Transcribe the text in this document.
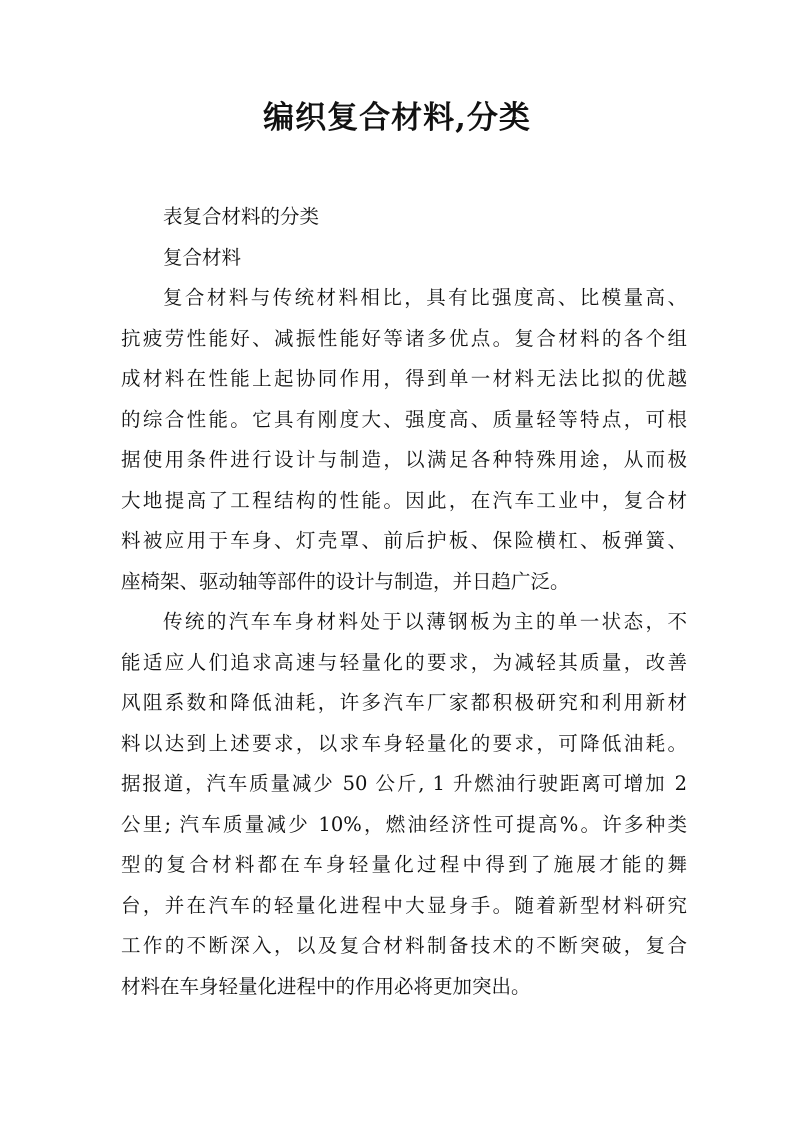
编织复合材料,分类

表复合材料的分类

复合材料

复合材料与传统材料相比，具有比强度高、比模量高、
抗疲劳性能好、减振性能好等诸多优点。复合材料的各个组
成材料在性能上起协同作用，得到单一材料无法比拟的优越
的综合性能。它具有刚度大、强度高、质量轻等特点，可根
据使用条件进行设计与制造，以满足各种特殊用途，从而极
大地提高了工程结构的性能。因此，在汽车工业中，复合材
料被应用于车身、灯壳罩、前后护板、保险横杠、板弹簧、
座椅架、驱动轴等部件的设计与制造，并日趋广泛。

传统的汽车车身材料处于以薄钢板为主的单一状态，不
能适应人们追求高速与轻量化的要求，为减轻其质量，改善
风阻系数和降低油耗，许多汽车厂家都积极研究和利用新材
料以达到上述要求，以求车身轻量化的要求，可降低油耗。
据报道，汽车质量减少 50 公斤, 1 升燃油行驶距离可增加 2
公里; 汽车质量减少 10%，燃油经济性可提高%。许多种类
型的复合材料都在车身轻量化过程中得到了施展才能的舞
台，并在汽车的轻量化进程中大显身手。随着新型材料研究
工作的不断深入，以及复合材料制备技术的不断突破，复合
材料在车身轻量化进程中的作用必将更加突出。
